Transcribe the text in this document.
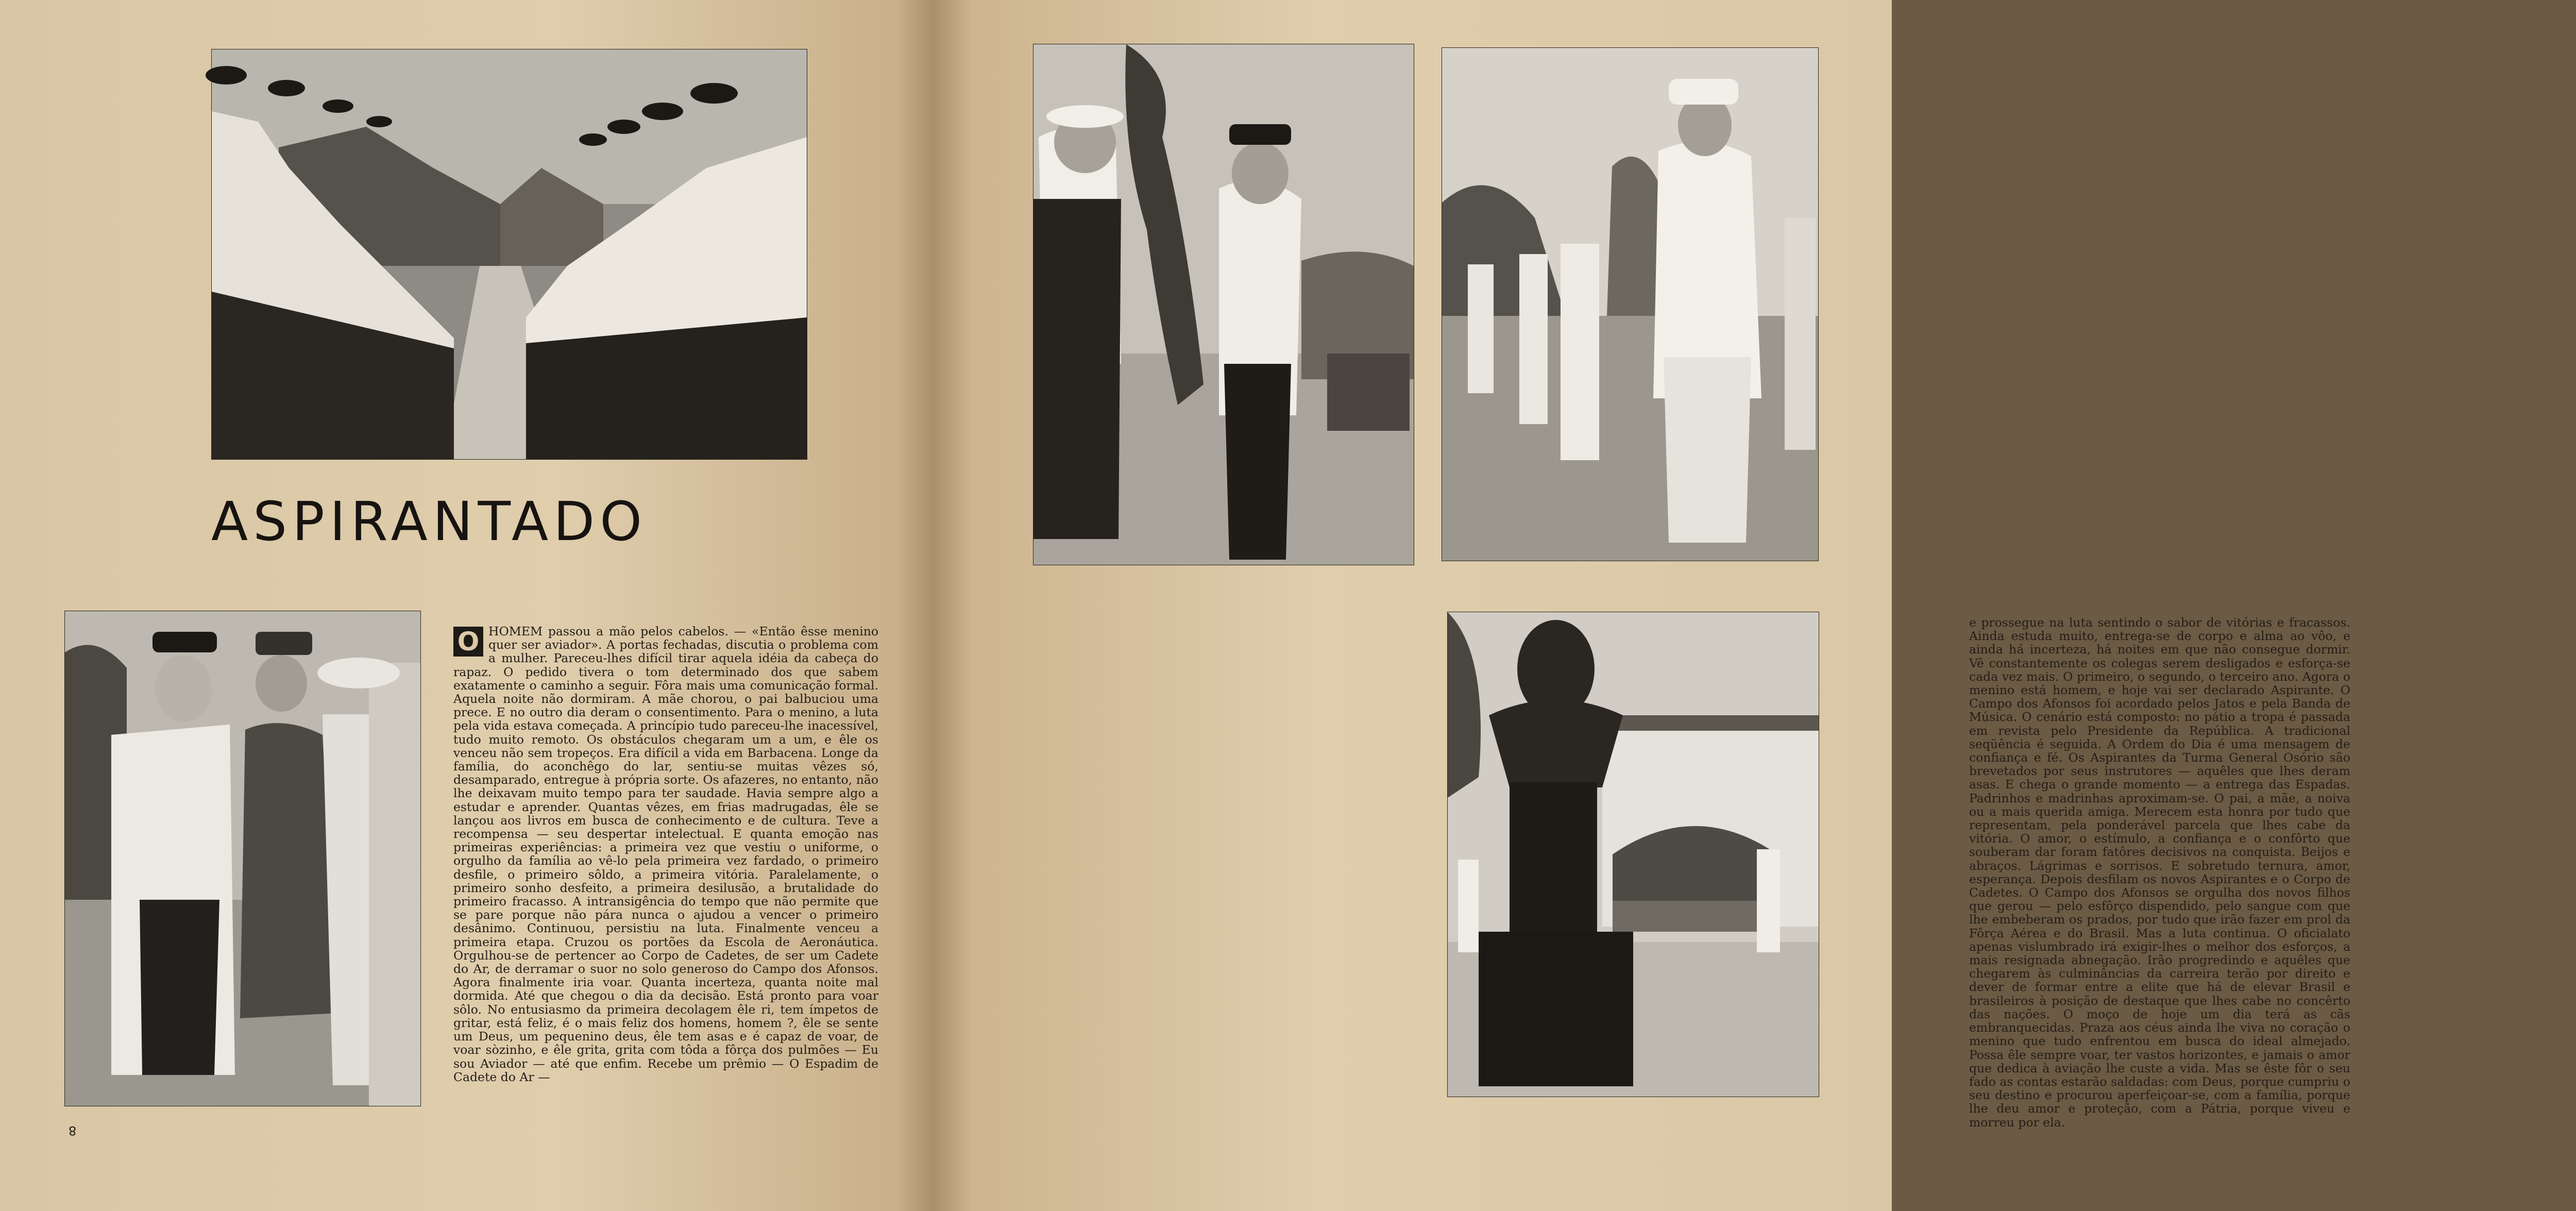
ASPIRANTADO
O HOMEM passou a mão pelos cabelos. — «Então êsse menino quer ser aviador». A portas fechadas, discutia o problema com a mulher. Pareceu-lhes difícil tirar aquela idéia da cabeça do rapaz. O pedido tivera o tom determinado dos que sabem exatamente o caminho a seguir. Fôra mais uma comunicação formal. Aquela noite não dormiram. A mãe chorou, o pai balbuciou uma prece. E no outro dia deram o consentimento. Para o menino, a luta pela vida estava começada. A princípio tudo pareceu-lhe inacessível, tudo muito remoto. Os obstáculos chegaram um a um, e êle os venceu não sem tropeços. Era difícil a vida em Barbacena. Longe da família, do aconchêgo do lar, sentiu-se muitas vêzes só, desamparado, entregue à própria sorte. Os afazeres, no entanto, não lhe deixavam muito tempo para ter saudade. Havia sempre algo a estudar e aprender. Quantas vêzes, em frias madrugadas, êle se lançou aos livros em busca de conhecimento e de cultura. Teve a recompensa — seu despertar intelectual. E quanta emoção nas primeiras experiências: a primeira vez que vestiu o uniforme, o orgulho da família ao vê-lo pela primeira vez fardado, o primeiro desfile, o primeiro sôldo, a primeira vitória. Paralelamente, o primeiro sonho desfeito, a primeira desilusão, a brutalidade do primeiro fracasso. A intransigência do tempo que não permite que se pare porque não pára nunca o ajudou a vencer o primeiro desânimo. Continuou, persistiu na luta. Finalmente venceu a primeira etapa. Cruzou os portões da Escola de Aeronáutica. Orgulhou-se de pertencer ao Corpo de Cadetes, de ser um Cadete do Ar, de derramar o suor no solo generoso do Campo dos Afonsos. Agora finalmente iria voar. Quanta incerteza, quanta noite mal dormida. Até que chegou o dia da decisão. Está pronto para voar sôlo. No entusiasmo da primeira decolagem êle ri, tem ímpetos de gritar, está feliz, é o mais feliz dos homens, homem ?, êle se sente um Deus, um pequenino deus, êle tem asas e é capaz de voar, de voar sòzinho, e êle grita, grita com tôda a fôrça dos pulmões — Eu sou Aviador — até que enfim. Recebe um prêmio — O Espadim de Cadete do Ar —
8
e prossegue na luta sentindo o sabor de vitórias e fracassos. Ainda estuda muito, entrega-se de corpo e alma ao vôo, e ainda há incerteza, há noites em que não consegue dormir. Vê constantemente os colegas serem desligados e esforça-se cada vez mais. O primeiro, o segundo, o terceiro ano. Agora o menino está homem, e hoje vai ser declarado Aspirante. O Campo dos Afonsos foi acordado pelos Jatos e pela Banda de Música. O cenário está composto: no pátio a tropa é passada em revista pelo Presidente da República. A tradicional seqüência é seguida. A Ordem do Dia é uma mensagem de confiança e fé. Os Aspirantes da Turma General Osório são brevetados por seus instrutores — aquêles que lhes deram asas. E chega o grande momento — a entrega das Espadas. Padrinhos e madrinhas aproximam-se. O pai, a mãe, a noiva ou a mais querida amiga. Merecem esta honra por tudo que representam, pela ponderável parcela que lhes cabe da vitória. O amor, o estímulo, a confiança e o confôrto que souberam dar foram fatôres decisivos na conquista. Beijos e abraços. Lágrimas e sorrisos. E sobretudo ternura, amor, esperança. Depois desfilam os novos Aspirantes e o Corpo de Cadetes. O Campo dos Afonsos se orgulha dos novos filhos que gerou — pelo esfôrço dispendido, pelo sangue com que lhe embeberam os prados, por tudo que irão fazer em prol da Fôrça Aérea e do Brasil. Mas a luta continua. O oficialato apenas vislumbrado irá exigir-lhes o melhor dos esforços, a mais resignada abnegação. Irão progredindo e aquêles que chegarem às culminâncias da carreira terão por direito e dever de formar entre a elite que há de elevar Brasil e brasileiros à posição de destaque que lhes cabe no concêrto das nações. O moço de hoje um dia terá as cãs embranquecidas. Praza aos céus ainda lhe viva no coração o menino que tudo enfrentou em busca do ideal almejado. Possa êle sempre voar, ter vastos horizontes, e jamais o amor que dedica à aviação lhe custe a vida. Mas se êste fôr o seu fado as contas estarão saldadas: com Deus, porque cumpriu o seu destino e procurou aperfeiçoar-se, com a família, porque lhe deu amor e proteção, com a Pátria, porque viveu e morreu por ela.
